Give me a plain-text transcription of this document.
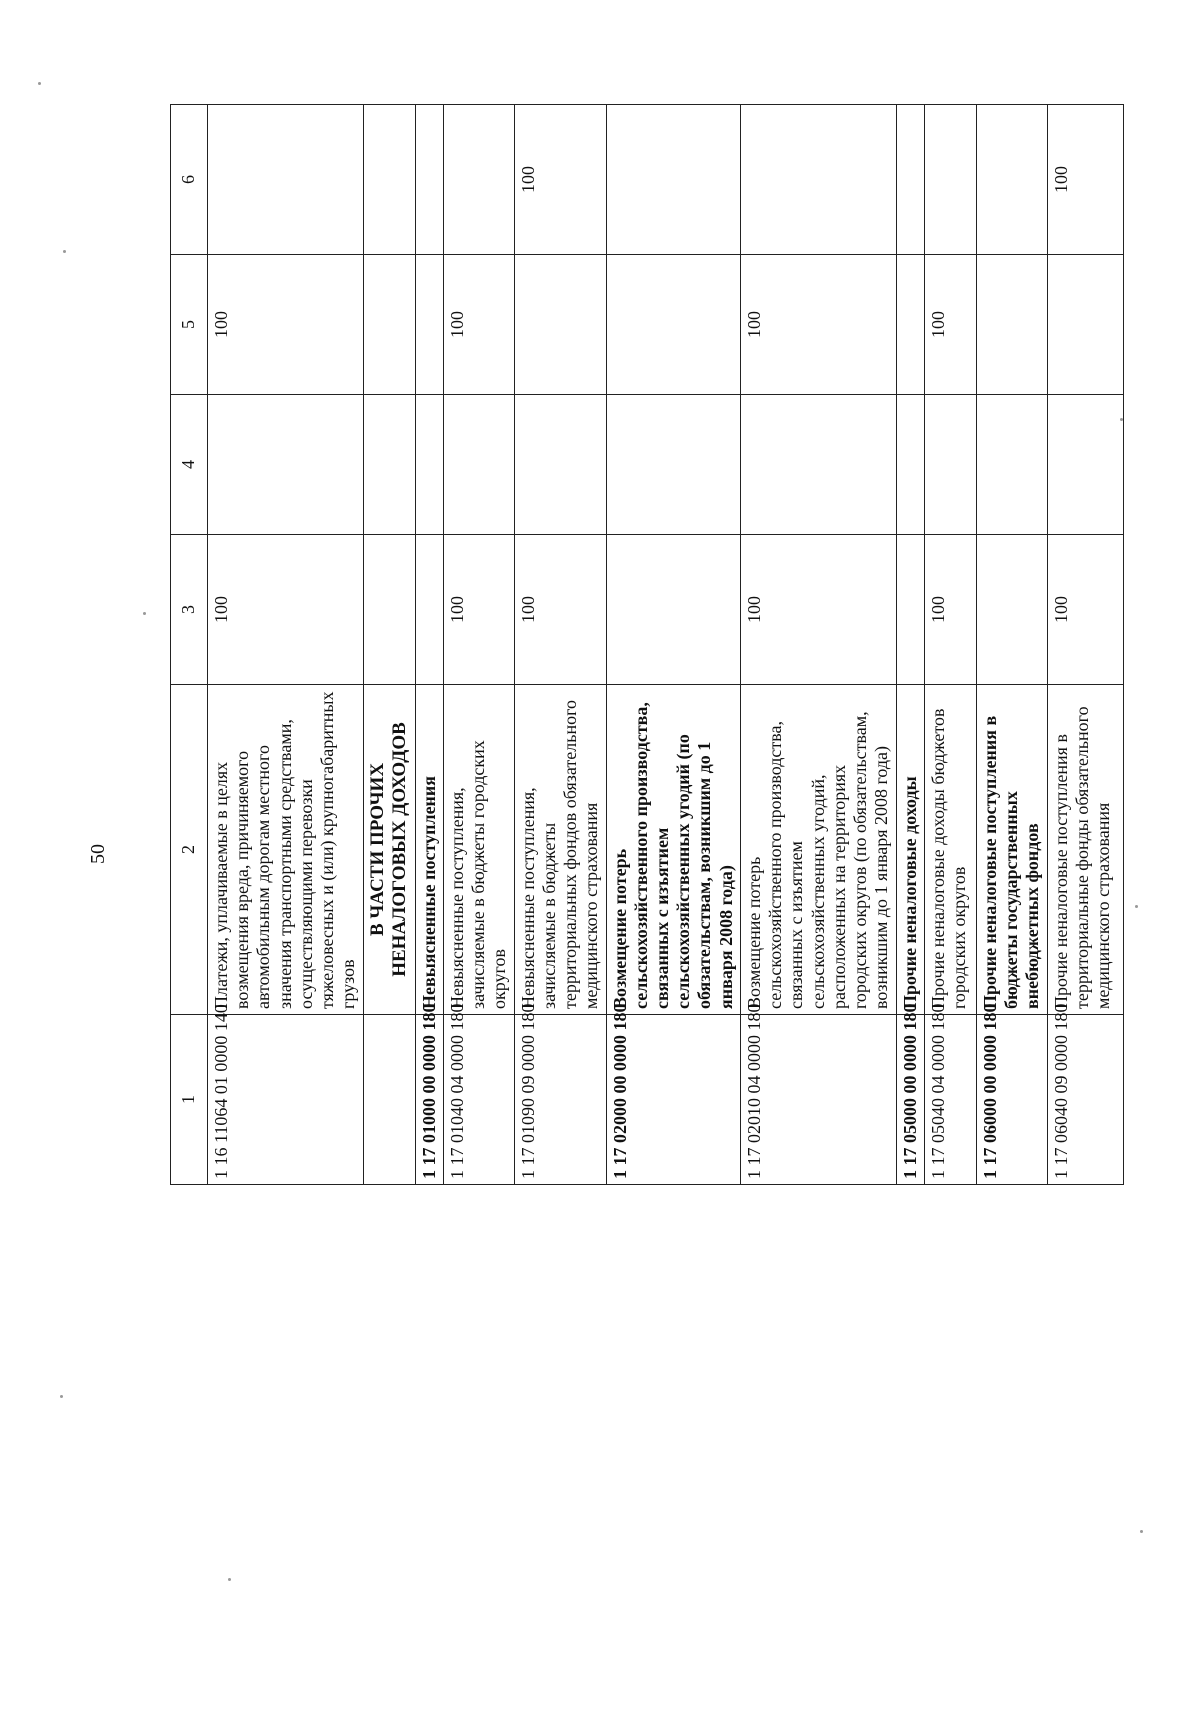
50
1	2	3	4	5	6
1 16 11064 01 0000 140	Платежи, уплачиваемые в целях возмещения вреда, причиняемого автомобильным дорогам местного значения транспортными средствами, осуществляющими перевозки тяжеловесных и (или) крупногабаритных грузов	100		100	
	В ЧАСТИ ПРОЧИХ НЕНАЛОГОВЫХ ДОХОДОВ				
1 17 01000 00 0000 180	Невыясненные поступления				
1 17 01040 04 0000 180	Невыясненные поступления, зачисляемые в бюджеты городских округов	100		100	
1 17 01090 09 0000 180	Невыясненные поступления, зачисляемые в бюджеты территориальных фондов обязательного медицинского страхования	100			100
1 17 02000 00 0000 180	Возмещение потерь сельскохозяйственного производства, связанных с изъятием сельскохозяйственных угодий (по обязательствам, возникшим до 1 января 2008 года)				
1 17 02010 04 0000 180	Возмещение потерь сельскохозяйственного производства, связанных с изъятием сельскохозяйственных угодий, расположенных на территориях городских округов (по обязательствам, возникшим до 1 января 2008 года)	100		100	
1 17 05000 00 0000 180	Прочие неналоговые доходы				
1 17 05040 04 0000 180	Прочие неналоговые доходы бюджетов городских округов	100		100	
1 17 06000 00 0000 180	Прочие неналоговые поступления в бюджеты государственных внебюджетных фондов				
1 17 06040 09 0000 180	Прочие неналоговые поступления в территориальные фонды обязательного медицинского страхования	100			100
